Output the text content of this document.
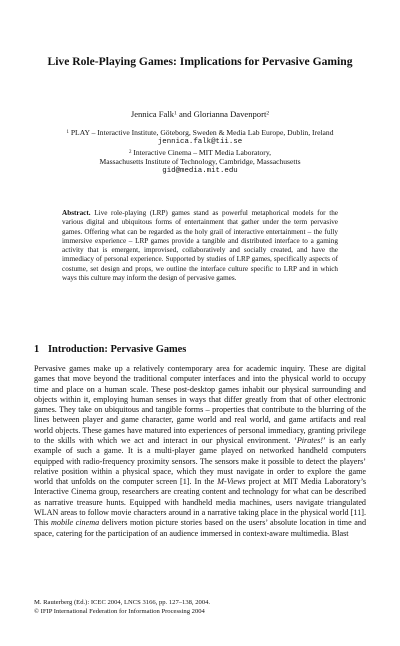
Live Role-Playing Games: Implications for Pervasive Gaming
Jennica Falk$^1$ and Glorianna Davenport$^2$
$^1$ PLAY – Interactive Institute, Göteborg, Sweden & Media Lab Europe, Dublin, Ireland
jennica.falk@tii.se
$^2$ Interactive Cinema – MIT Media Laboratory,
Massachusetts Institute of Technology, Cambridge, Massachusetts
gid@media.mit.edu
Abstract. Live role-playing (LRP) games stand as powerful metaphorical models for the various digital and ubiquitous forms of entertainment that gather under the term pervasive games. Offering what can be regarded as the holy grail of interactive entertainment – the fully immersive experience – LRP games provide a tangible and distributed interface to a gaming activity that is emergent, improvised, collaboratively and socially created, and have the immediacy of personal experience. Supported by studies of LRP games, specifically aspects of costume, set design and props, we outline the interface culture specific to LRP and in which ways this culture may inform the design of pervasive games.
1 Introduction: Pervasive Games
Pervasive games make up a relatively contemporary area for academic inquiry. These are digital games that move beyond the traditional computer interfaces and into the physical world to occupy time and place on a human scale. These post-desktop games inhabit our physical surrounding and objects within it, employing human senses in ways that differ greatly from that of other electronic games. They take on ubiquitous and tangible forms – properties that contribute to the blurring of the lines between player and game character, game world and real world, and game artifacts and real world objects. These games have matured into experiences of personal immediacy, granting privilege to the skills with which we act and interact in our physical environment. ‘Pirates!’ is an early example of such a game. It is a multi-player game played on networked handheld computers equipped with radio-frequency proximity sensors. The sensors make it possible to detect the players’ relative position within a physical space, which they must navigate in order to explore the game world that unfolds on the computer screen [1]. In the M-Views project at MIT Media Laboratory’s Interactive Cinema group, researchers are creating content and technology for what can be described as narrative treasure hunts. Equipped with handheld media machines, users navigate triangulated WLAN areas to follow movie characters around in a narrative taking place in the physical world [11]. This mobile cinema delivers motion picture stories based on the users’ absolute location in time and space, catering for the participation of an audience immersed in context-aware multimedia. Blast
M. Rauterberg (Ed.): ICEC 2004, LNCS 3166, pp. 127–138, 2004.
© IFIP International Federation for Information Processing 2004
